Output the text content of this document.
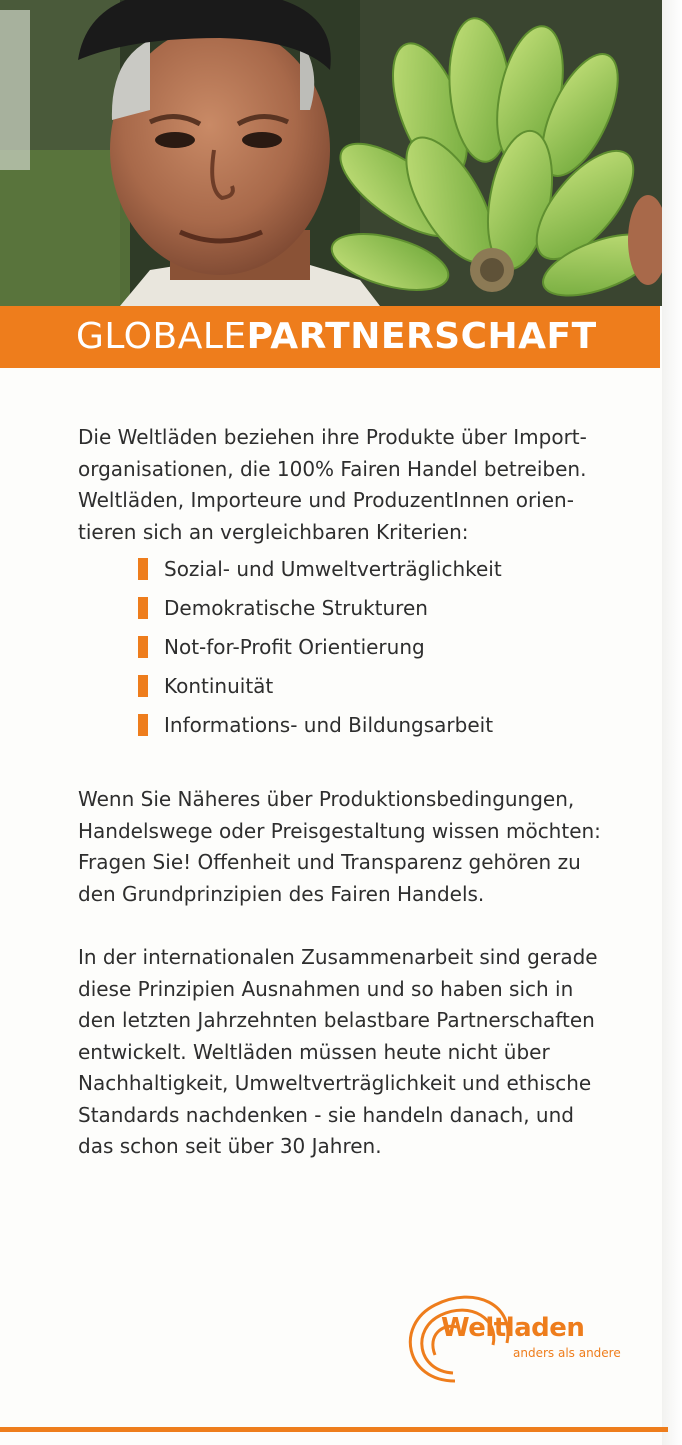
GLOBALEPARTNERSCHAFT

Die Weltläden beziehen ihre Produkte über Import-
organisationen, die 100% Fairen Handel betreiben.
Weltläden, Importeure und ProduzentInnen orien-
tieren sich an vergleichbaren Kriterien:

Sozial- und Umweltverträglichkeit
Demokratische Strukturen
Not-for-Profit Orientierung
Kontinuität
Informations- und Bildungsarbeit

Wenn Sie Näheres über Produktionsbedingungen,
Handelswege oder Preisgestaltung wissen möchten:
Fragen Sie! Offenheit und Transparenz gehören zu
den Grundprinzipien des Fairen Handels.

In der internationalen Zusammenarbeit sind gerade
diese Prinzipien Ausnahmen und so haben sich in
den letzten Jahrzehnten belastbare Partnerschaften
entwickelt. Weltläden müssen heute nicht über
Nachhaltigkeit, Umweltverträglichkeit und ethische
Standards nachdenken - sie handeln danach, und
das schon seit über 30 Jahren.

Weltladen
anders als andere
